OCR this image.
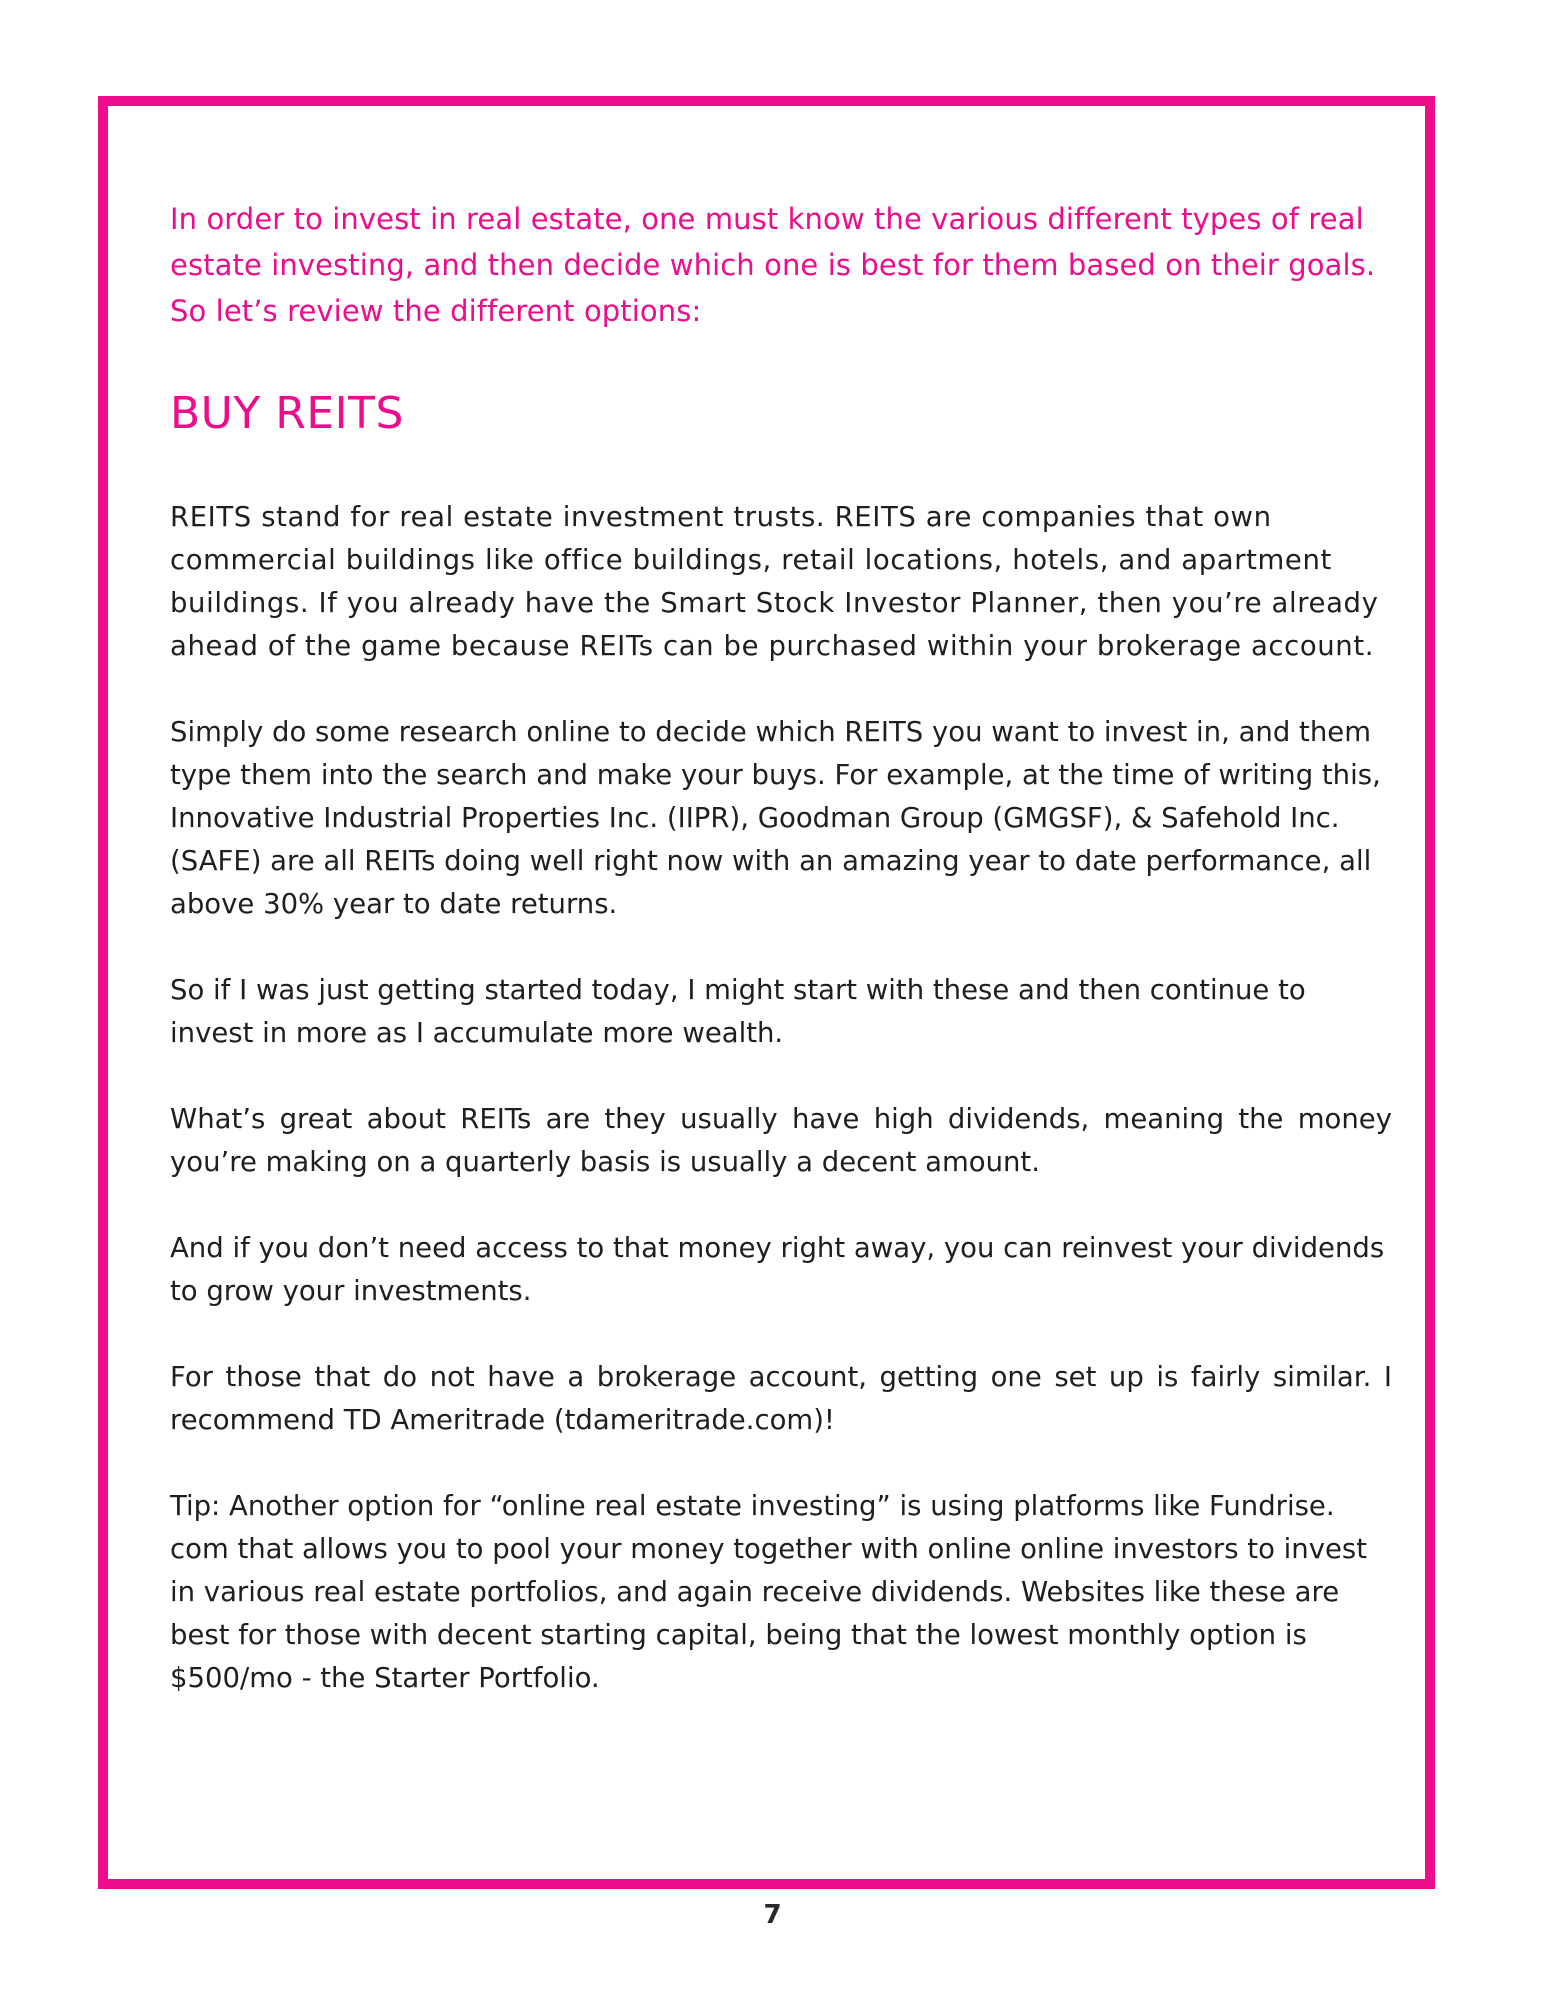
In order to invest in real estate, one must know the various different types of real estate investing, and then decide which one is best for them based on their goals. So let’s review the different options:

BUY REITS

REITS stand for real estate investment trusts. REITS are companies that own commercial buildings like office buildings, retail locations, hotels, and apartment buildings. If you already have the Smart Stock Investor Planner, then you’re already ahead of the game because REITs can be purchased within your brokerage account.

Simply do some research online to decide which REITS you want to invest in, and them type them into the search and make your buys. For example, at the time of writing this, Innovative Industrial Properties Inc. (IIPR), Goodman Group (GMGSF), & Safehold Inc. (SAFE) are all REITs doing well right now with an amazing year to date performance, all above 30% year to date returns.

So if I was just getting started today, I might start with these and then continue to invest in more as I accumulate more wealth.

What’s great about REITs are they usually have high dividends, meaning the money you’re making on a quarterly basis is usually a decent amount.

And if you don’t need access to that money right away, you can reinvest your dividends to grow your investments.

For those that do not have a brokerage account, getting one set up is fairly similar. I recommend TD Ameritrade (tdameritrade.com)!

Tip: Another option for “online real estate investing” is using platforms like Fundrise. com that allows you to pool your money together with online online investors to invest in various real estate portfolios, and again receive dividends. Websites like these are best for those with decent starting capital, being that the lowest monthly option is $500/mo - the Starter Portfolio.

7
